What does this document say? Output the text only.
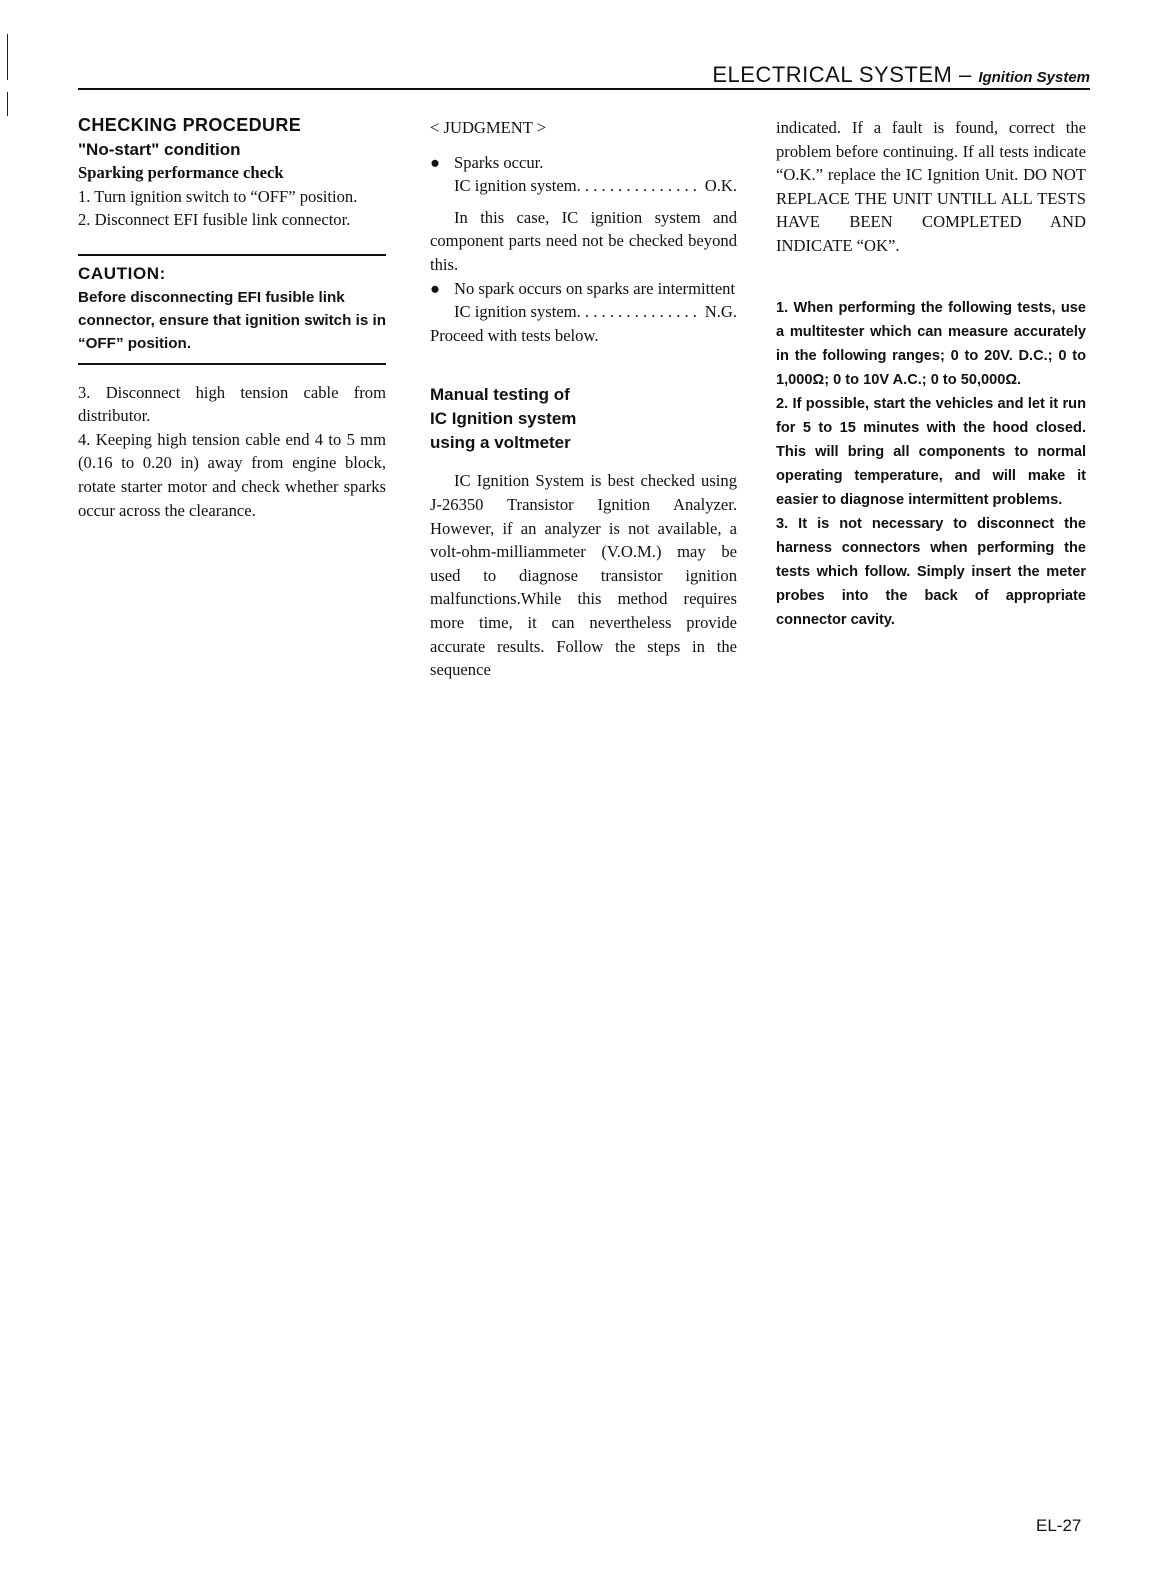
ELECTRICAL SYSTEM – Ignition System

CHECKING PROCEDURE

"No-start" condition

Sparking performance check

1. Turn ignition switch to “OFF” position.

2. Disconnect EFI fusible link connector.

CAUTION:
Before disconnecting EFI fusible link connector, ensure that ignition switch is in “OFF” position.

3. Disconnect high tension cable from distributor.

4. Keeping high tension cable end 4 to 5 mm (0.16 to 0.20 in) away from engine block, rotate starter motor and check whether sparks occur across the clearance.

< JUDGMENT >

● Sparks occur.
IC ignition system . . .	O.K.

In this case, IC ignition system and component parts need not be checked beyond this.

● No spark occurs on sparks are intermittent
IC ignition system . . .	N.G.

Proceed with tests below.

Manual testing of
IC Ignition system
using a voltmeter

IC Ignition System is best checked using J-26350 Transistor Ignition Analyzer. However, if an analyzer is not available, a volt-ohm-milliammeter (V.O.M.) may be used to diagnose transistor ignition malfunctions.While this method requires more time, it can nevertheless provide accurate results. Follow the steps in the sequence

indicated. If a fault is found, correct the problem before continuing. If all tests indicate “O.K.” replace the IC Ignition Unit. DO NOT REPLACE THE UNIT UNTILL ALL TESTS HAVE BEEN COMPLETED AND INDICATE “OK”.

1. When performing the following tests, use a multitester which can measure accurately in the following ranges; 0 to 20V. D.C.; 0 to 1,000Ω; 0 to 10V A.C.; 0 to 50,000Ω.

2. If possible, start the vehicles and let it run for 5 to 15 minutes with the hood closed. This will bring all components to normal operating temperature, and will make it easier to diagnose intermittent problems.

3. It is not necessary to disconnect the harness connectors when performing the tests which follow. Simply insert the meter probes into the back of appropriate connector cavity.

EL-27
